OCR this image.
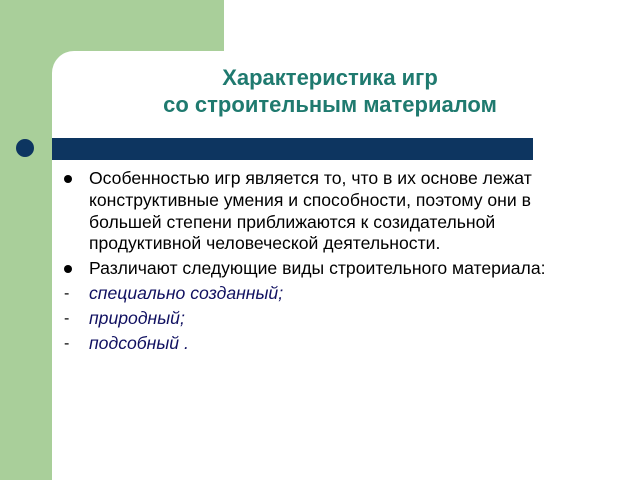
Характеристика игр
со строительным материалом
Особенностью игр является то, что в их основе лежат конструктивные умения и способности, поэтому они в большей степени приближаются к созидательной продуктивной человеческой деятельности.
Различают следующие виды строительного материала:
- специально созданный;
- природный;
- подсобный .
